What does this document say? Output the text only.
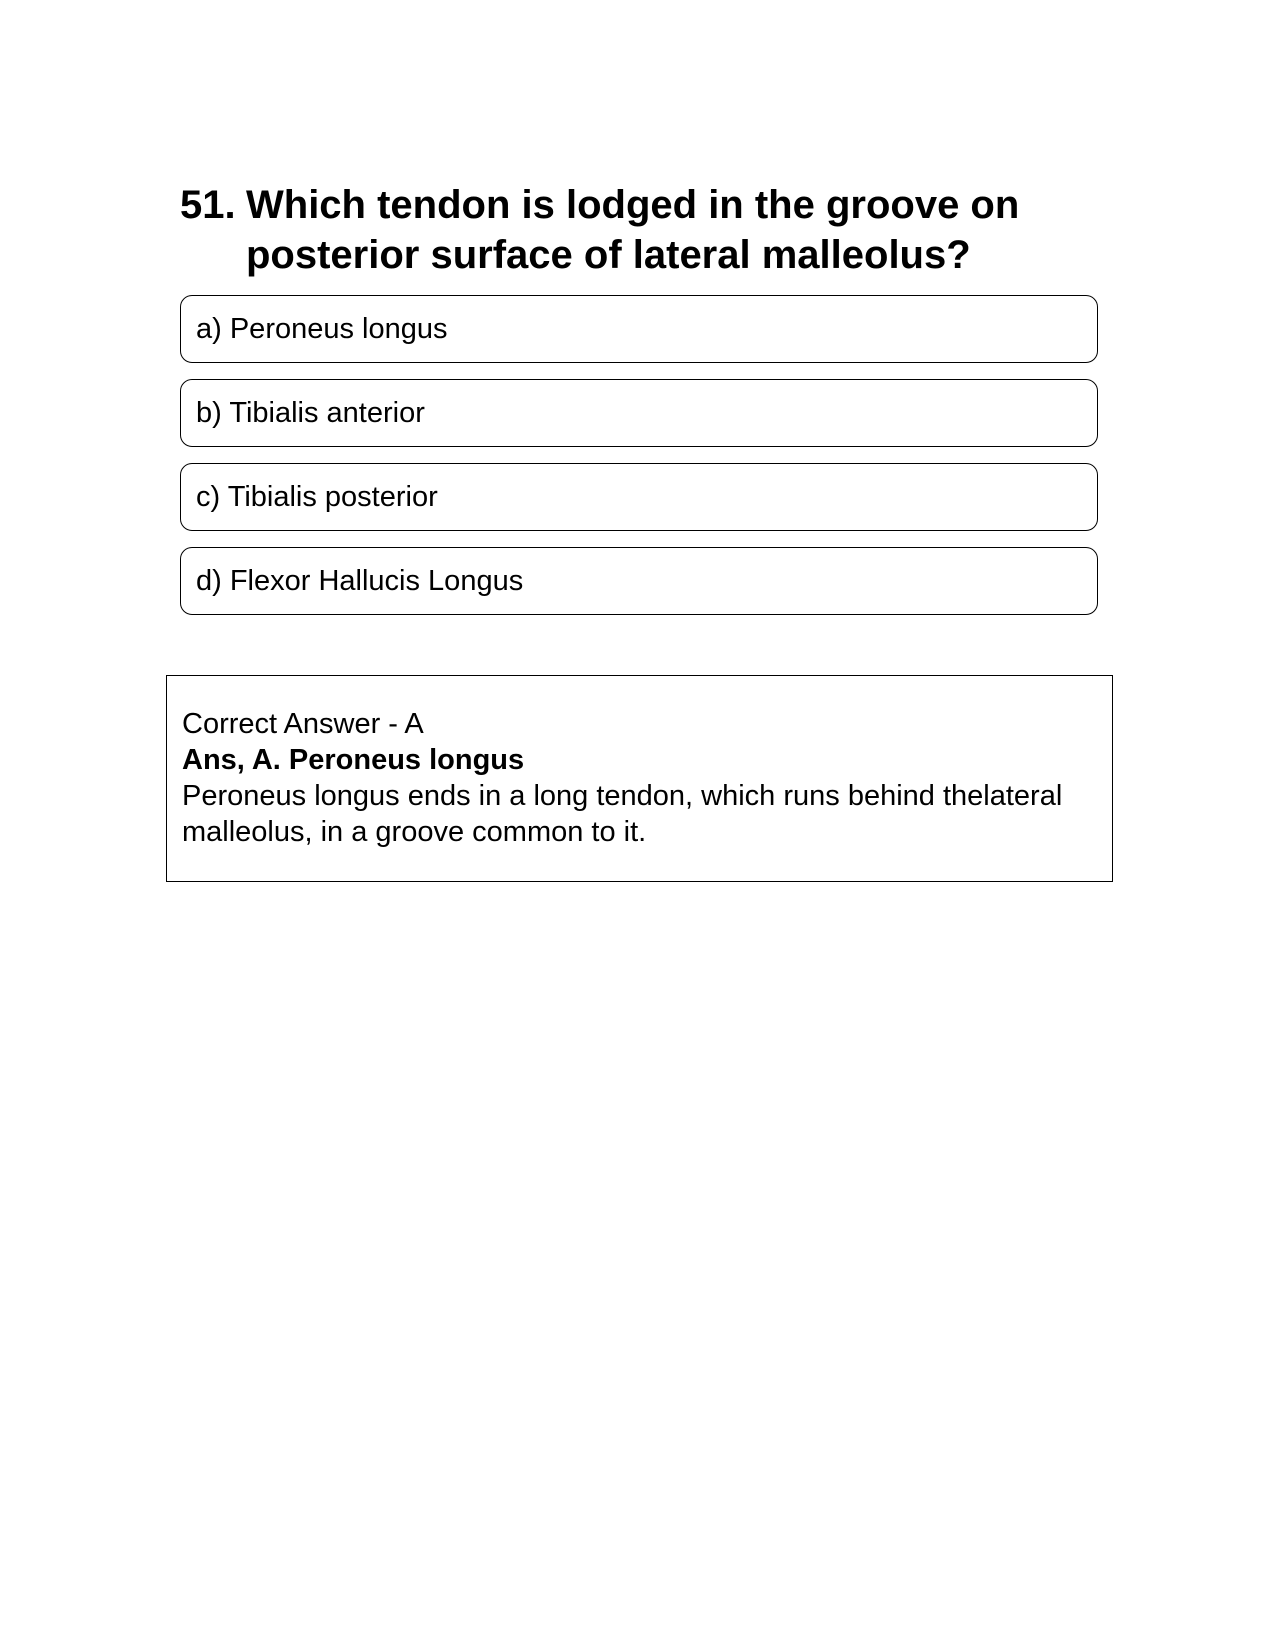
51. Which tendon is lodged in the groove on posterior surface of lateral malleolus?
a) Peroneus longus
b) Tibialis anterior
c) Tibialis posterior
d) Flexor Hallucis Longus
Correct Answer - A
Ans, A. Peroneus longus
Peroneus longus ends in a long tendon, which runs behind thelateral malleolus, in a groove common to it.
